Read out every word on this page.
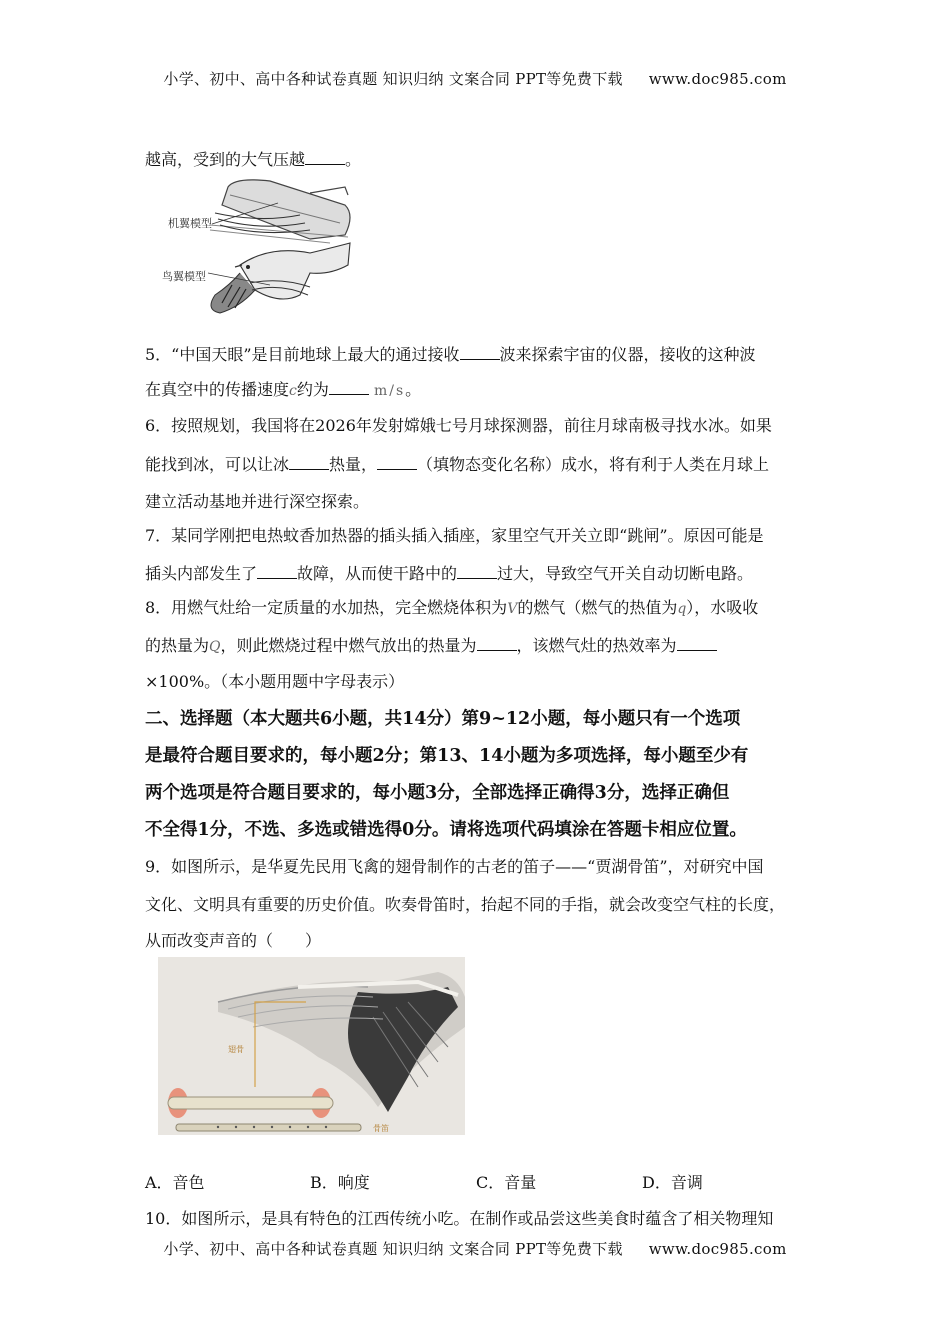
小学、初中、高中各种试卷真题 知识归纳 文案合同 PPT等免费下载 www.doc985.com
越高，受到的大气压越	。
机翼模型
鸟翼模型
5．“中国天眼”是目前地球上最大的通过接收	波来探索宇宙的仪器，接收的这种波
在真空中的传播速度c约为	m/s。
6．按照规划，我国将在2026年发射嫦娥七号月球探测器，前往月球南极寻找水冰。如果
能找到冰，可以让冰	热量，	（填物态变化名称）成水，将有利于人类在月球上
建立活动基地并进行深空探索。
7．某同学刚把电热蚊香加热器的插头插入插座，家里空气开关立即“跳闸”。原因可能是
插头内部发生了	故障，从而使干路中的	过大，导致空气开关自动切断电路。
8．用燃气灶给一定质量的水加热，完全燃烧体积为V的燃气（燃气的热值为q），水吸收
的热量为Q，则此燃烧过程中燃气放出的热量为	，该燃气灶的热效率为
×100%。（本小题用题中字母表示）
二、选择题（本大题共6小题，共14分）第9~12小题，每小题只有一个选项
是最符合题目要求的，每小题2分；第13、14小题为多项选择，每小题至少有
两个选项是符合题目要求的，每小题3分，全部选择正确得3分，选择正确但
不全得1分，不选、多选或错选得0分。请将选项代码填涂在答题卡相应位置。
9．如图所示，是华夏先民用飞禽的翅骨制作的古老的笛子——“贾湖骨笛”，对研究中国
文化、文明具有重要的历史价值。吹奏骨笛时，抬起不同的手指，就会改变空气柱的长度，
从而改变声音的（　　）
翅骨
骨笛
A．音色	B．响度	C．音量	D．音调
10．如图所示，是具有特色的江西传统小吃。在制作或品尝这些美食时蕴含了相关物理知
小学、初中、高中各种试卷真题 知识归纳 文案合同 PPT等免费下载 www.doc985.com
